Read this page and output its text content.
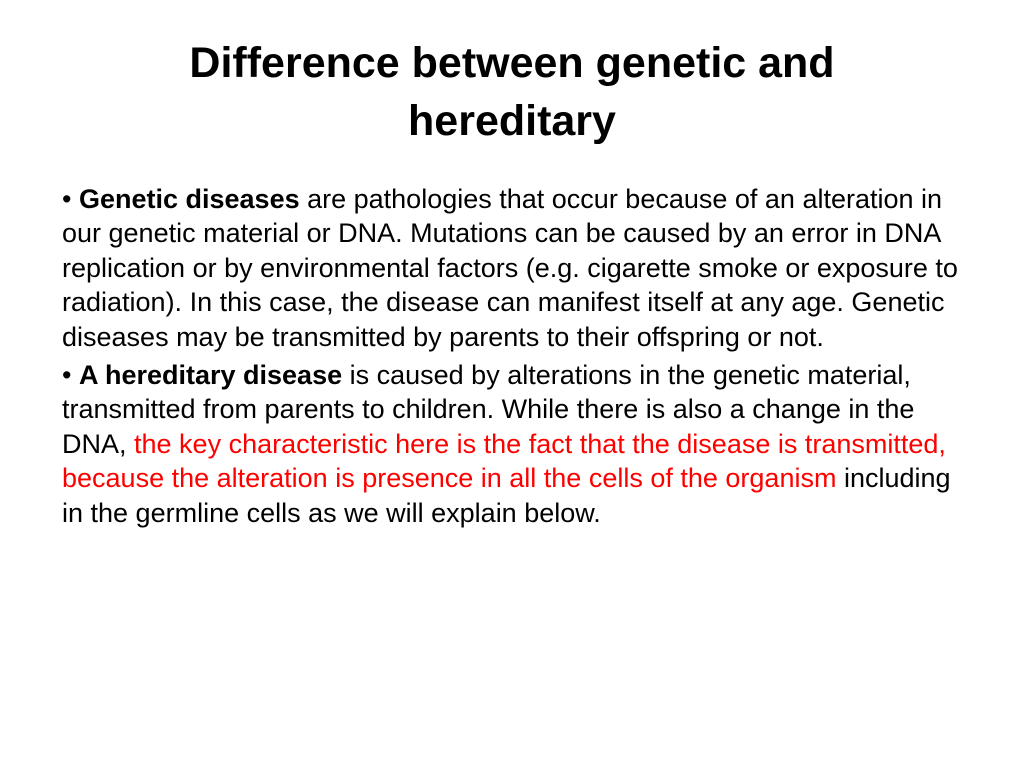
Difference between genetic and hereditary

• Genetic diseases are pathologies that occur because of an alteration in our genetic material or DNA. Mutations can be caused by an error in DNA replication or by environmental factors (e.g. cigarette smoke or exposure to radiation). In this case, the disease can manifest itself at any age. Genetic diseases may be transmitted by parents to their offspring or not.

• A hereditary disease is caused by alterations in the genetic material, transmitted from parents to children. While there is also a change in the DNA, the key characteristic here is the fact that the disease is transmitted, because the alteration is presence in all the cells of the organism including in the germline cells as we will explain below.
